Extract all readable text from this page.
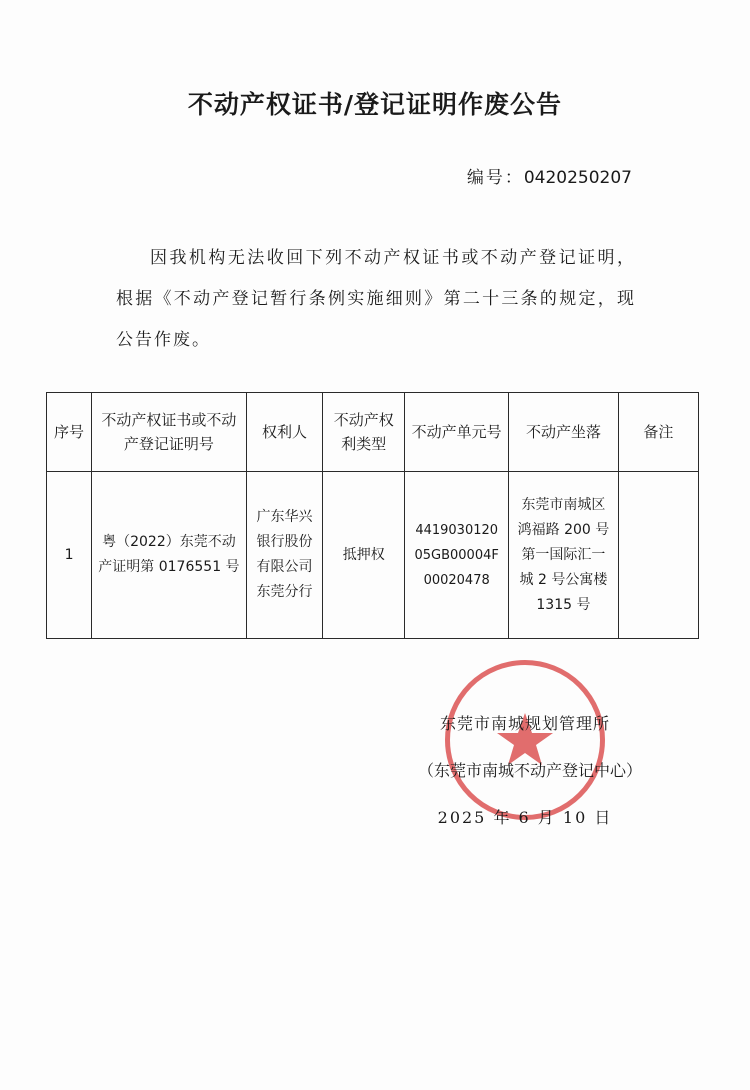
不动产权证书/登记证明作废公告
编号：0420250207
因我机构无法收回下列不动产权证书或不动产登记证明，根据《不动产登记暂行条例实施细则》第二十三条的规定，现公告作废。
序号	不动产权证书或不动产登记证明号	权利人	不动产权利类型	不动产单元号	不动产坐落	备注
1	粤（2022）东莞不动产证明第 0176551 号	广东华兴银行股份有限公司东莞分行	抵押权	441903012005GB00004F00020478	东莞市南城区鸿福路 200 号第一国际汇一城 2 号公寓楼 1315 号	
东莞市南城规划管理所
（东莞市南城不动产登记中心）
2025 年 6 月 10 日
